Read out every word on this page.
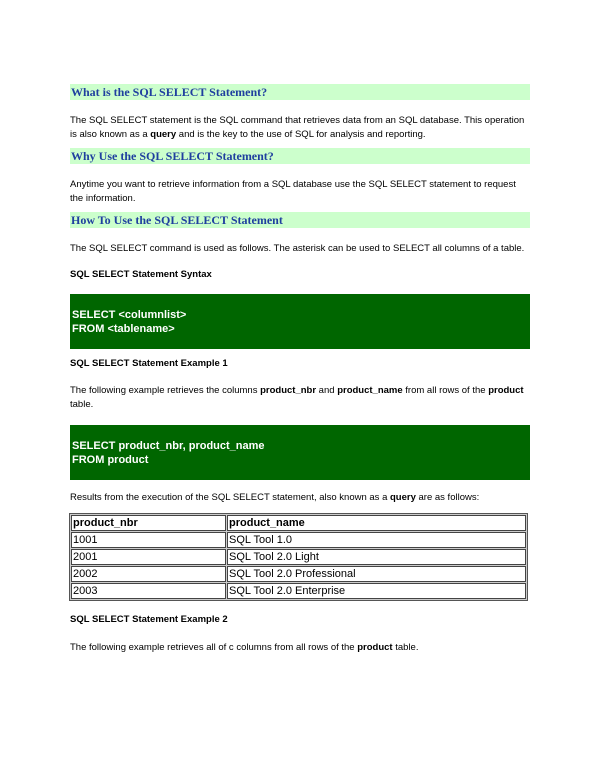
What is the SQL SELECT Statement?

The SQL SELECT statement is the SQL command that retrieves data from an SQL database. This operation is also known as a query and is the key to the use of SQL for analysis and reporting.

Why Use the SQL SELECT Statement?

Anytime you want to retrieve information from a SQL database use the SQL SELECT statement to request the information.

How To Use the SQL SELECT Statement

The SQL SELECT command is used as follows. The asterisk can be used to SELECT all columns of a table.

SQL SELECT Statement Syntax
SELECT <columnlist>
FROM <tablename>
SQL SELECT Statement Example 1

The following example retrieves the columns product_nbr and product_name from all rows of the product table.

SELECT product_nbr, product_name
FROM product

Results from the execution of the SQL SELECT statement, also known as a query are as follows:

product_nbr	product_name
1001	SQL Tool 1.0
2001	SQL Tool 2.0 Light
2002	SQL Tool 2.0 Professional
2003	SQL Tool 2.0 Enterprise
SQL SELECT Statement Example 2

The following example retrieves all of c columns from all rows of the product table.
